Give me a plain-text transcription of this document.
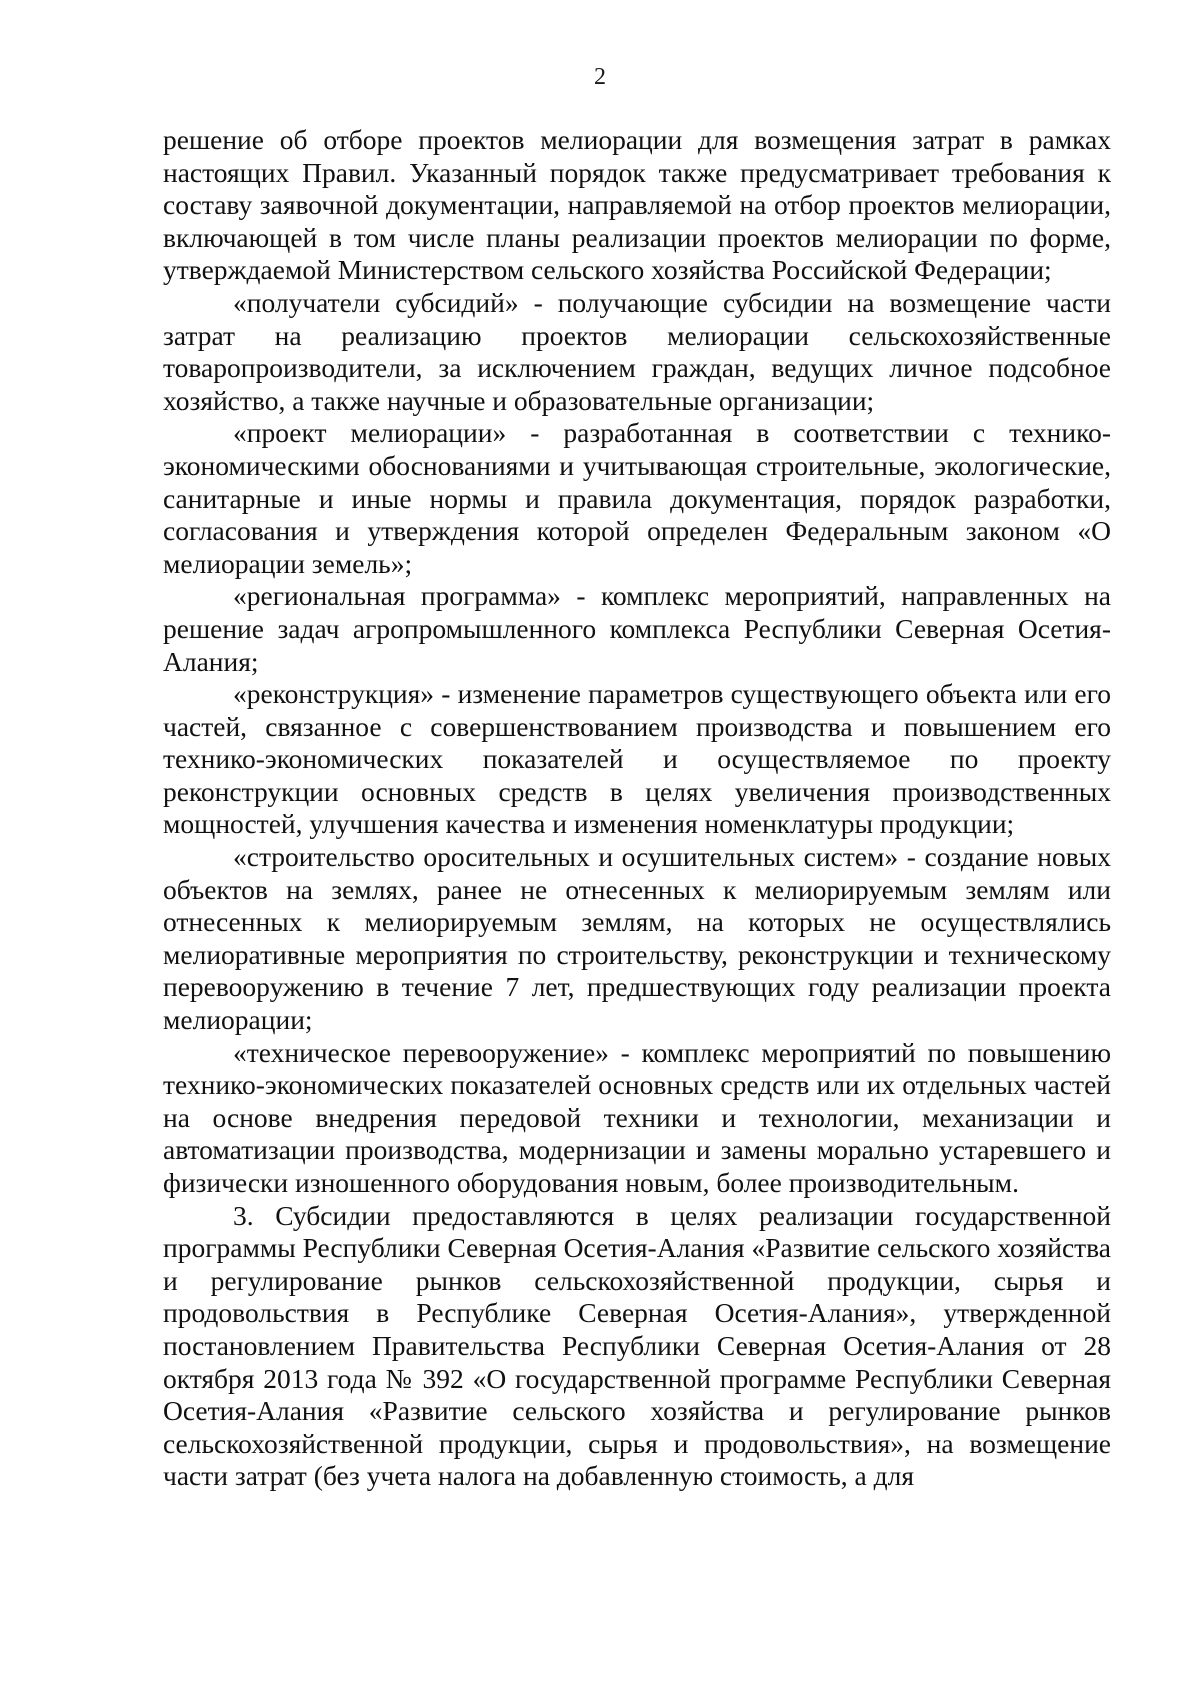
2

решение об отборе проектов мелиорации для возмещения затрат в рамках настоящих Правил. Указанный порядок также предусматривает требования к составу заявочной документации, направляемой на отбор проектов мелиорации, включающей в том числе планы реализации проектов мелиорации по форме, утверждаемой Министерством сельского хозяйства Российской Федерации;

«получатели субсидий» - получающие субсидии на возмещение части затрат на реализацию проектов мелиорации сельскохозяйственные товаропроизводители, за исключением граждан, ведущих личное подсобное хозяйство, а также научные и образовательные организации;

«проект мелиорации» - разработанная в соответствии с технико-экономическими обоснованиями и учитывающая строительные, экологические, санитарные и иные нормы и правила документация, порядок разработки, согласования и утверждения которой определен Федеральным законом «О мелиорации земель»;

«региональная программа» - комплекс мероприятий, направленных на решение задач агропромышленного комплекса Республики Северная Осетия-Алания;

«реконструкция» - изменение параметров существующего объекта или его частей, связанное с совершенствованием производства и повышением его технико-экономических показателей и осуществляемое по проекту реконструкции основных средств в целях увеличения производственных мощностей, улучшения качества и изменения номенклатуры продукции;

«строительство оросительных и осушительных систем» - создание новых объектов на землях, ранее не отнесенных к мелиорируемым землям или отнесенных к мелиорируемым землям, на которых не осуществлялись мелиоративные мероприятия по строительству, реконструкции и техническому перевооружению в течение 7 лет, предшествующих году реализации проекта мелиорации;

«техническое перевооружение» - комплекс мероприятий по повышению технико-экономических показателей основных средств или их отдельных частей на основе внедрения передовой техники и технологии, механизации и автоматизации производства, модернизации и замены морально устаревшего и физически изношенного оборудования новым, более производительным.

3. Субсидии предоставляются в целях реализации государственной программы Республики Северная Осетия-Алания «Развитие сельского хозяйства и регулирование рынков сельскохозяйственной продукции, сырья и продовольствия в Республике Северная Осетия-Алания», утвержденной постановлением Правительства Республики Северная Осетия-Алания от 28 октября 2013 года № 392 «О государственной программе Республики Северная Осетия-Алания «Развитие сельского хозяйства и регулирование рынков сельскохозяйственной продукции, сырья и продовольствия», на возмещение части затрат (без учета налога на добавленную стоимость, а для
